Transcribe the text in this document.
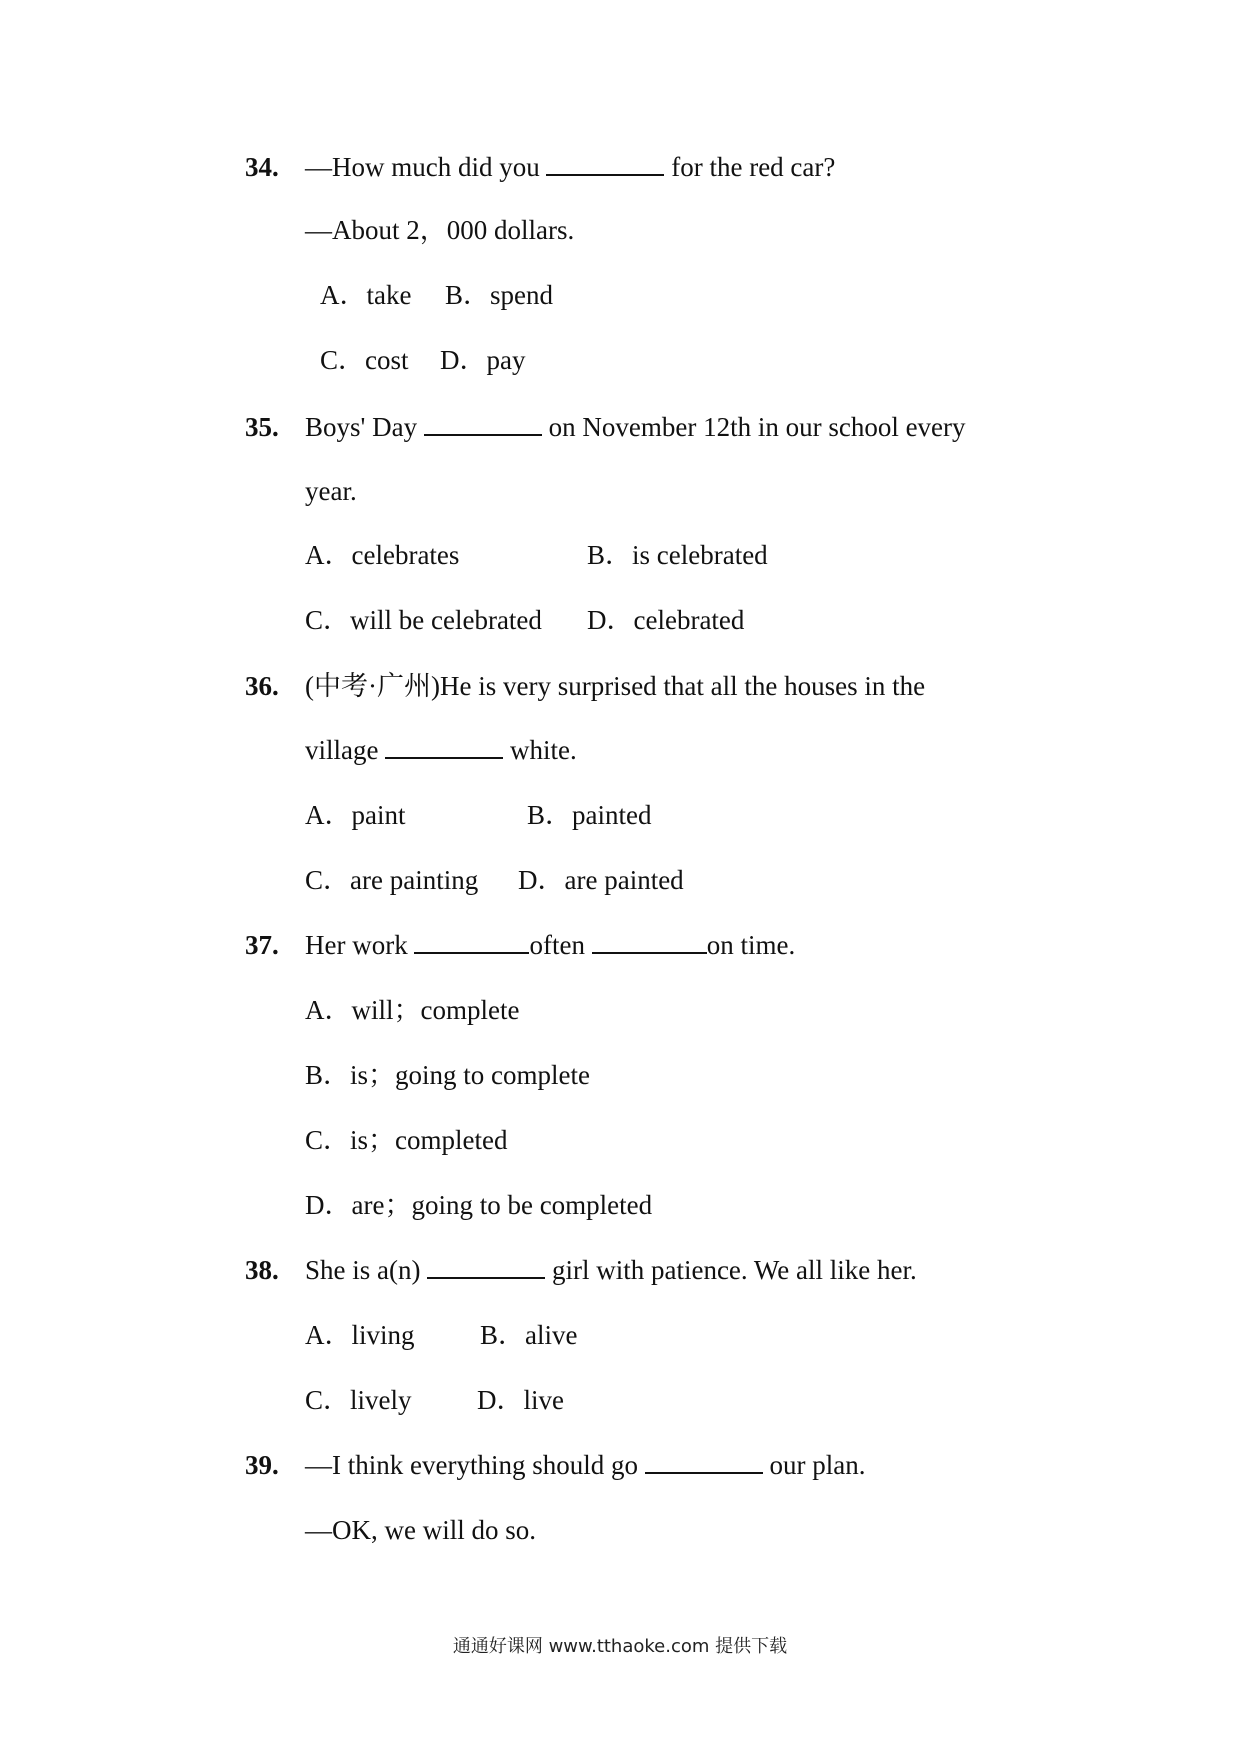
34. —How much did you	for the red car?
—About 2，000 dollars.
A．take B．spend
C．cost D．pay
35. Boys' Day	on November 12th in our school every
year.
A．celebrates	B．is celebrated
C．will be celebrated D．celebrated
36. (中考·广州)He is very surprised that all the houses in the
village	white.
A．paint	B．painted
C．are painting D．are painted
37. Her work	often	on time.
A．will；complete
B．is；going to complete
C．is；completed
D．are；going to be completed
38. She is a(n)	girl with patience. We all like her.
A．living B．alive
C．lively D．live
39. —I think everything should go	our plan.
—OK, we will do so.
通通好课网 www.tthaoke.com 提供下载
